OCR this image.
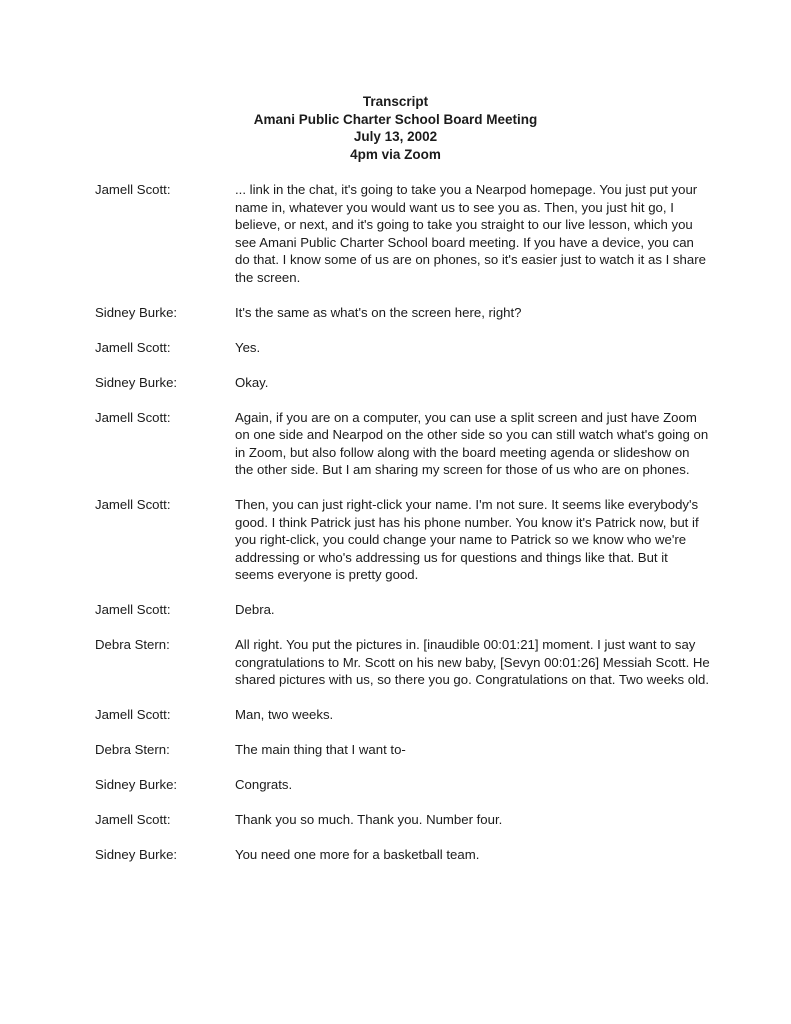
Transcript
Amani Public Charter School Board Meeting
July 13, 2002
4pm via Zoom
Jamell Scott:	... link in the chat, it's going to take you a Nearpod homepage. You just put your name in, whatever you would want us to see you as. Then, you just hit go, I believe, or next, and it's going to take you straight to our live lesson, which you see Amani Public Charter School board meeting. If you have a device, you can do that. I know some of us are on phones, so it's easier just to watch it as I share the screen.
Sidney Burke:	It's the same as what's on the screen here, right?
Jamell Scott:	Yes.
Sidney Burke:	Okay.
Jamell Scott:	Again, if you are on a computer, you can use a split screen and just have Zoom on one side and Nearpod on the other side so you can still watch what's going on in Zoom, but also follow along with the board meeting agenda or slideshow on the other side. But I am sharing my screen for those of us who are on phones.
Jamell Scott:	Then, you can just right-click your name. I'm not sure. It seems like everybody's good. I think Patrick just has his phone number. You know it's Patrick now, but if you right-click, you could change your name to Patrick so we know who we're addressing or who's addressing us for questions and things like that. But it seems everyone is pretty good.
Jamell Scott:	Debra.
Debra Stern:	All right. You put the pictures in. [inaudible 00:01:21] moment. I just want to say congratulations to Mr. Scott on his new baby, [Sevyn 00:01:26] Messiah Scott. He shared pictures with us, so there you go. Congratulations on that. Two weeks old.
Jamell Scott:	Man, two weeks.
Debra Stern:	The main thing that I want to-
Sidney Burke:	Congrats.
Jamell Scott:	Thank you so much. Thank you. Number four.
Sidney Burke:	You need one more for a basketball team.
